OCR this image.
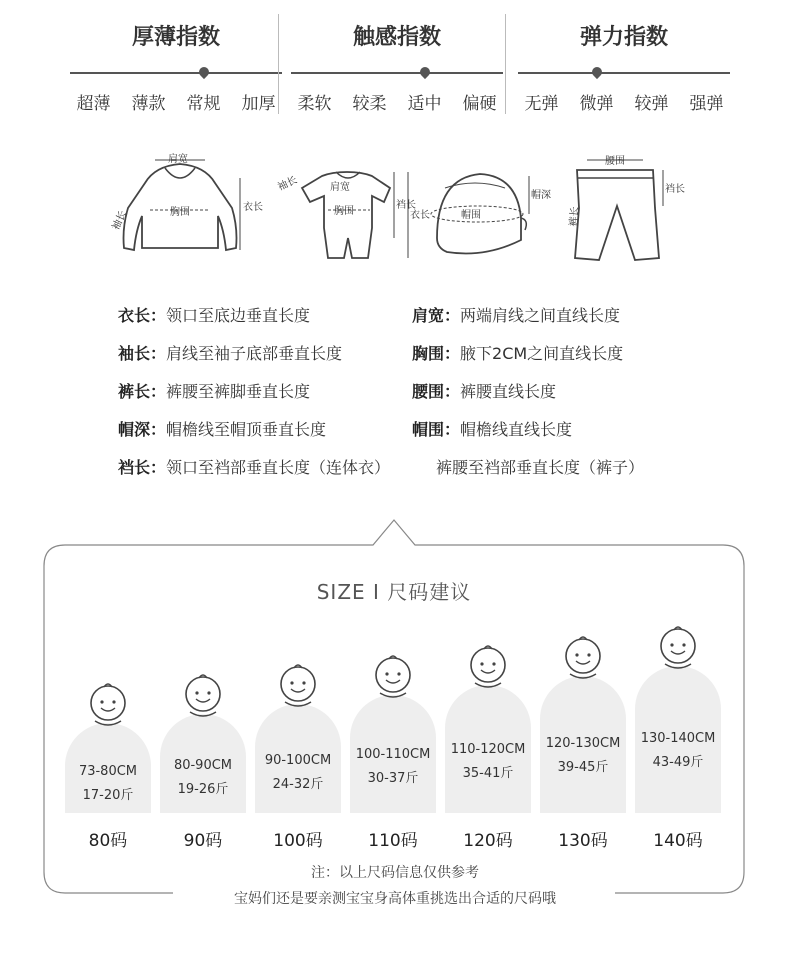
厚薄指数
超薄 薄款 常规 加厚
触感指数
柔软 较柔 适中 偏硬
弹力指数
无弹 微弹 较弹 强弹
肩宽
胸围	衣长
袖长
肩宽
胸围
袖长
裆长
衣长	帽围
帽深
腰围
裤长
裆长
衣长：领口至底边垂直长度	肩宽：两端肩线之间直线长度
袖长：肩线至袖子底部垂直长度	胸围：腋下2CM之间直线长度
裤长：裤腰至裤脚垂直长度	腰围：裤腰直线长度
帽深：帽檐线至帽顶垂直长度	帽围：帽檐线直线长度
裆长：领口至裆部垂直长度（连体衣）	裤腰至裆部垂直长度（裤子）
SIZE I 尺码建议
73-80CM
17-20斤
80码
80-90CM
19-26斤
90码
90-100CM
24-32斤
100码
100-110CM
30-37斤
110码
110-120CM
35-41斤
120码
120-130CM
39-45斤
130码
130-140CM
43-49斤
140码
注：以上尺码信息仅供参考
宝妈们还是要亲测宝宝身高体重挑选出合适的尺码哦
